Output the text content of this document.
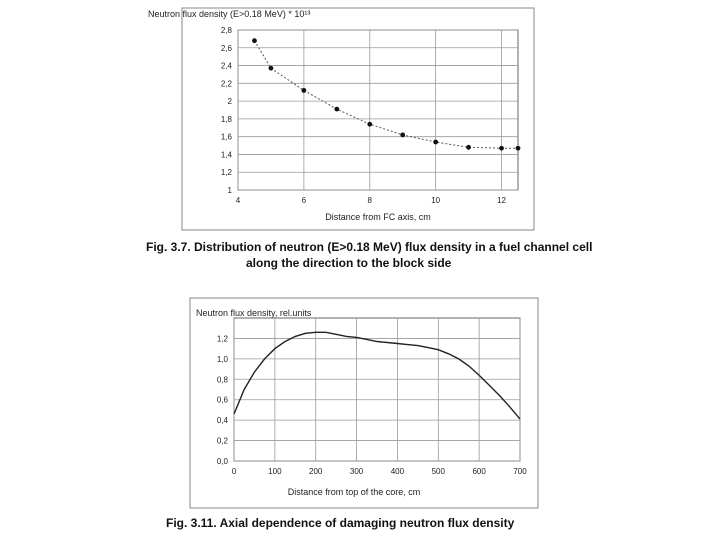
Neutron flux density (E>0.18 MeV) * 10¹³
1
1,2
1,4
1,6
1,8
2
2,2
2,4
2,6
2,8
4	6	8	10	12
Distance from FC axis, cm
Neutron flux density, rel.units
0,0
0,2
0,4
0,6
0,8
1,0
1,2
0	100	200	300	400	500	600	700
Distance from top of the core, cm

Fig. 3.7. Distribution of neutron (E>0.18 MeV) flux density in a fuel channel cell

along the direction to the block side

Fig. 3.11. Axial dependence of damaging neutron flux density
